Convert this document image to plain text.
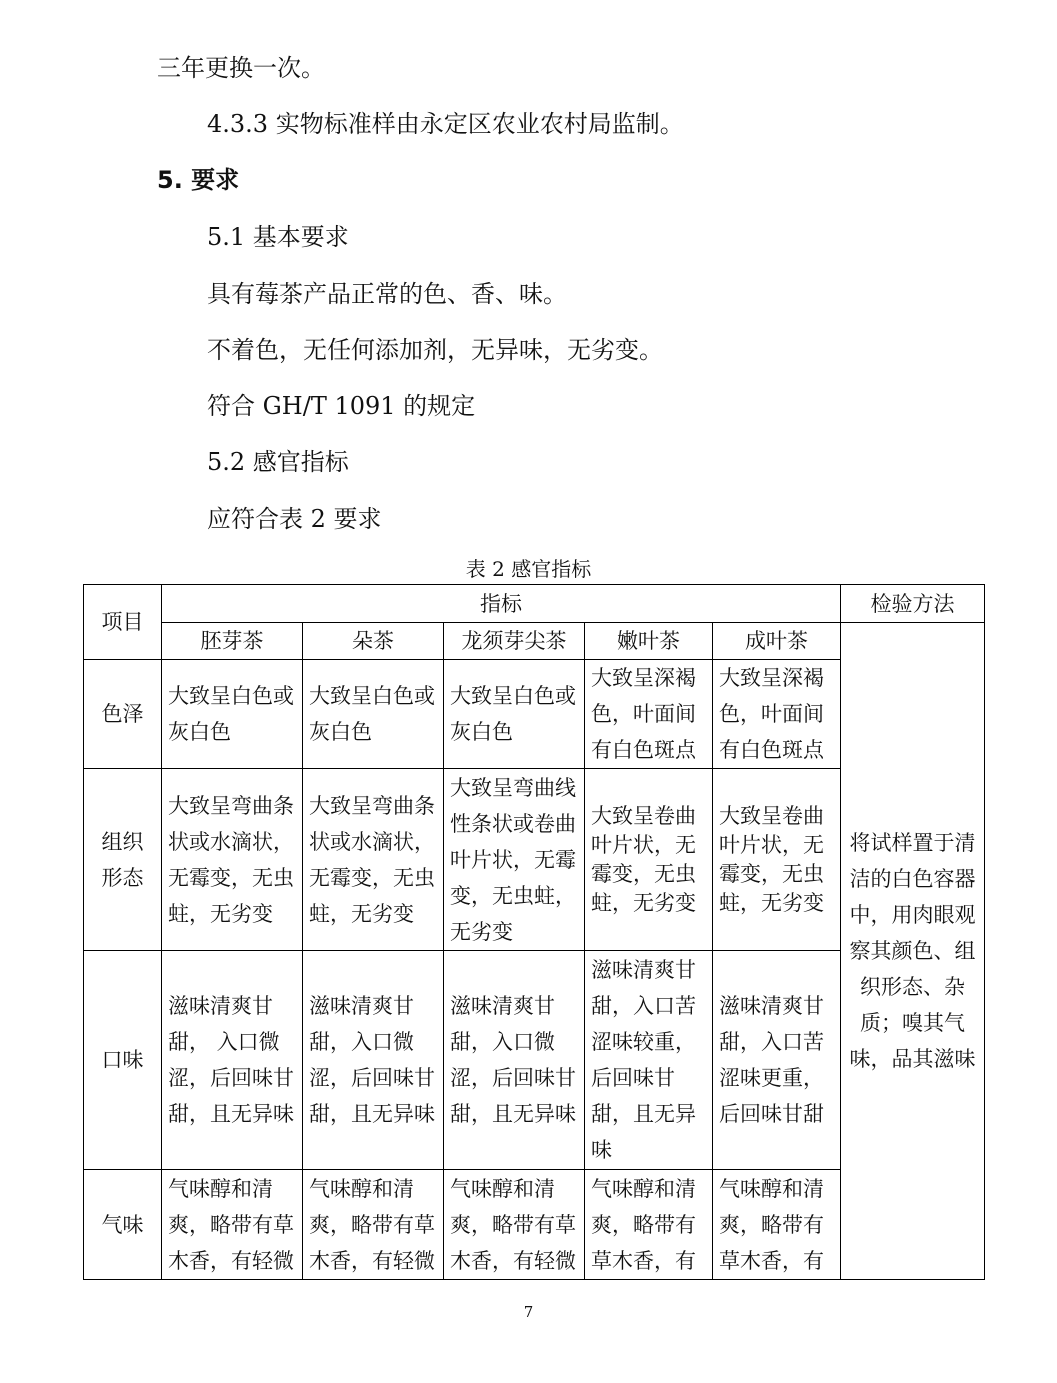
三年更换一次。
4.3.3 实物标准样由永定区农业农村局监制。
5. 要求
5.1 基本要求
具有莓茶产品正常的色、香、味。
不着色，无任何添加剂，无异味，无劣变。
符合 GH/T 1091 的规定
5.2 感官指标
应符合表 2 要求
表 2 感官指标
项目	指标					检验方法
	胚芽茶	朵茶	龙须芽尖茶	嫩叶茶	成叶茶	将试样置于清洁的白色容器中，用肉眼观察其颜色、组织形态、杂质；嗅其气味，品其滋味
色泽	大致呈白色或灰白色	大致呈白色或灰白色	大致呈白色或灰白色	大致呈深褐色，叶面间有白色斑点	大致呈深褐色，叶面间有白色斑点	
组织形态	大致呈弯曲条状或水滴状，无霉变，无虫蛀，无劣变	大致呈弯曲条状或水滴状，无霉变，无虫蛀，无劣变	大致呈弯曲线性条状或卷曲叶片状，无霉变，无虫蛀，无劣变	大致呈卷曲叶片状，无霉变，无虫蛀，无劣变	大致呈卷曲叶片状，无霉变，无虫蛀，无劣变	
口味	滋味清爽甘甜， 入口微涩，后回味甘甜，且无异味	滋味清爽甘甜，入口微涩，后回味甘甜，且无异味	滋味清爽甘甜，入口微涩，后回味甘甜，且无异味	滋味清爽甘甜，入口苦涩味较重，后回味甘甜，且无异味	滋味清爽甘甜，入口苦涩味更重，后回味甘甜	
气味	气味醇和清爽，略带有草木香，有轻微	气味醇和清爽，略带有草木香，有轻微	气味醇和清爽，略带有草木香，有轻微	气味醇和清爽，略带有草木香，有	气味醇和清爽，略带有草木香，有	
7
